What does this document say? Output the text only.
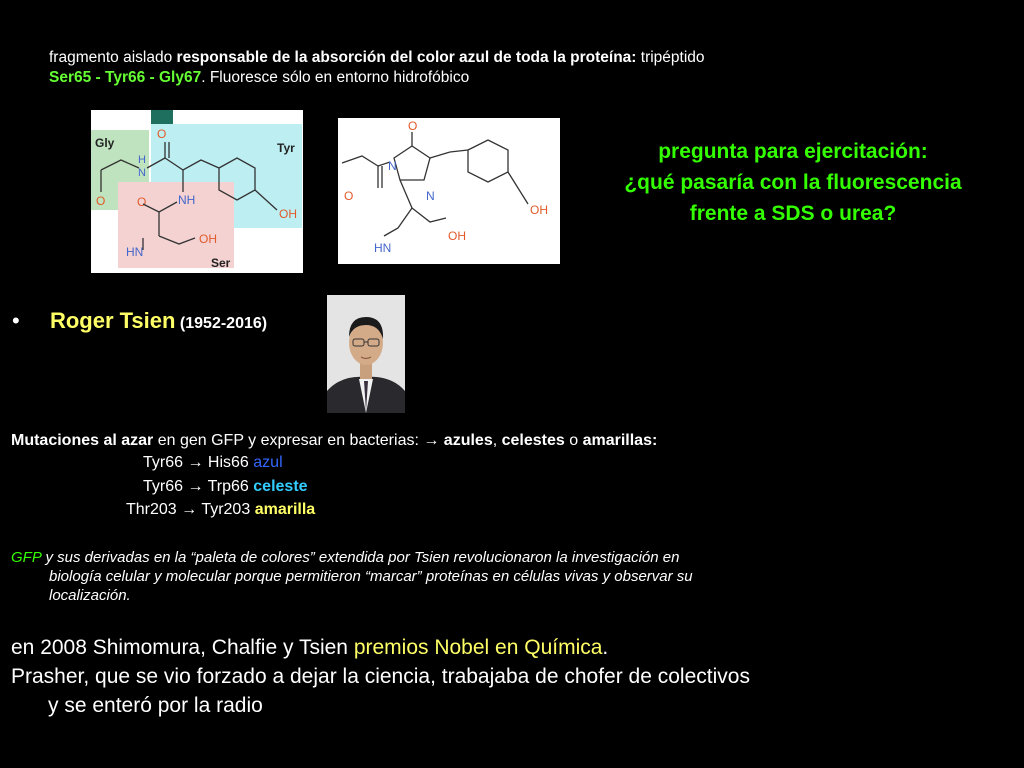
fragmento aislado responsable de la absorción del color azul de toda la proteína: tripéptido
Ser65 - Tyr66 - Gly67. Fluoresce sólo en entorno hidrofóbico
Gly	Tyr
Ser
O
O	O
H
N
NH
HN
OH
OH
O
N
O	N
OH
HN
OH
pregunta para ejercitación:
¿qué pasaría con la fluorescencia
frente a SDS o urea?
• Roger Tsien (1952-2016)
Mutaciones al azar en gen GFP y expresar en bacterias: → azules, celestes o amarillas:
Tyr66 → His66 azul
Tyr66 → Trp66 celeste
Thr203 → Tyr203 amarilla
GFP y sus derivadas en la “paleta de colores” extendida por Tsien revolucionaron la investigación en
biología celular y molecular porque permitieron “marcar” proteínas en células vivas y observar su
localización.
en 2008 Shimomura, Chalfie y Tsien premios Nobel en Química.
Prasher, que se vio forzado a dejar la ciencia, trabajaba de chofer de colectivos
y se enteró por la radio
